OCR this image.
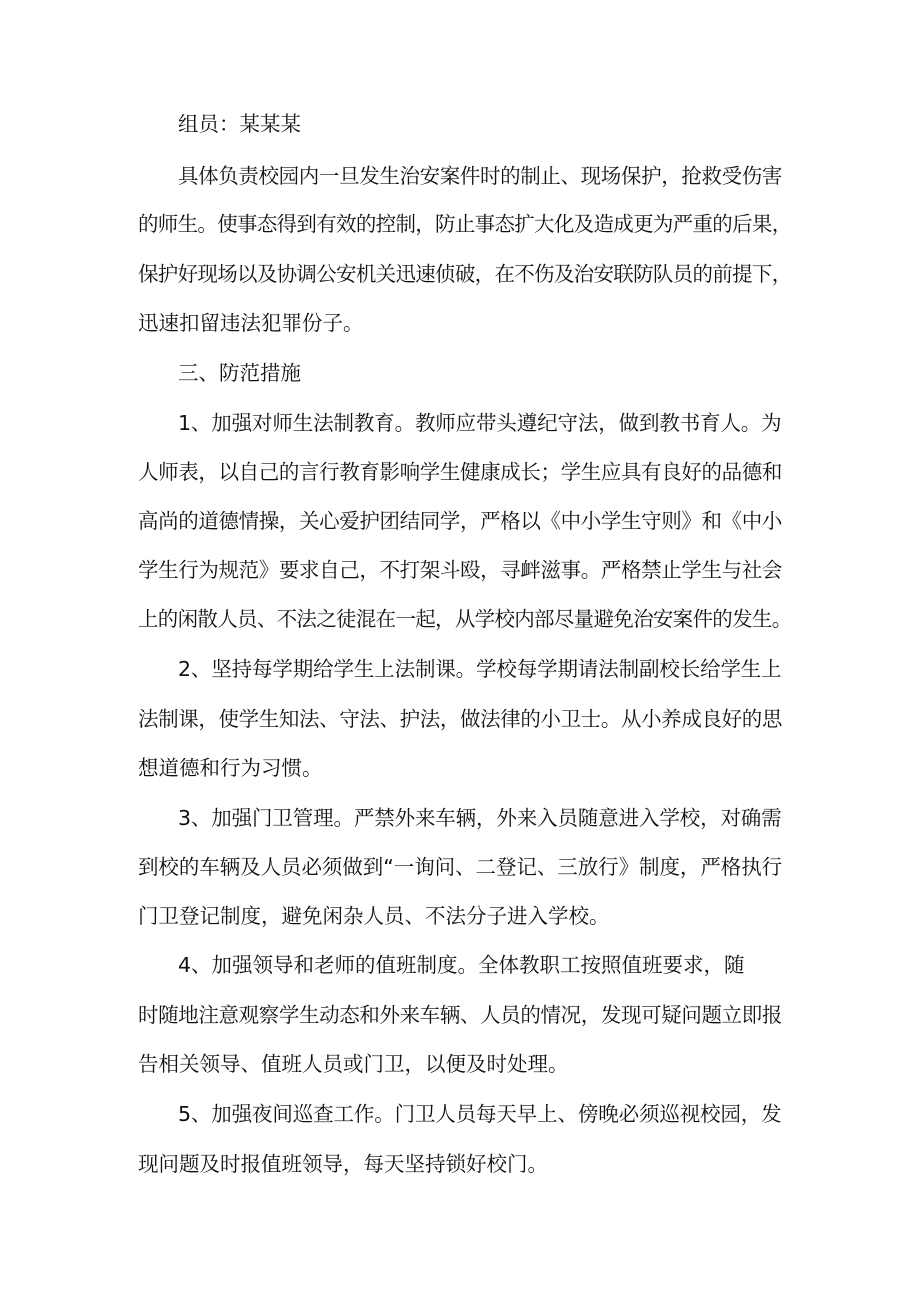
组员：某某某
具体负责校园内一旦发生治安案件时的制止、现场保护，抢救受伤害
的师生。使事态得到有效的控制，防止事态扩大化及造成更为严重的后果，
保护好现场以及协调公安机关迅速侦破，在不伤及治安联防队员的前提下，
迅速扣留违法犯罪份子。
三、防范措施
1、加强对师生法制教育。教师应带头遵纪守法，做到教书育人。为
人师表，以自己的言行教育影响学生健康成长；学生应具有良好的品德和
高尚的道德情操，关心爱护团结同学，严格以《中小学生守则》和《中小
学生行为规范》要求自己，不打架斗殴，寻衅滋事。严格禁止学生与社会
上的闲散人员、不法之徒混在一起，从学校内部尽量避免治安案件的发生。
2、坚持每学期给学生上法制课。学校每学期请法制副校长给学生上
法制课，使学生知法、守法、护法，做法律的小卫士。从小养成良好的思
想道德和行为习惯。
3、加强门卫管理。严禁外来车辆，外来入员随意进入学校，对确需
到校的车辆及人员必须做到“一询问、二登记、三放行》制度，严格执行
门卫登记制度，避免闲杂人员、不法分子进入学校。
4、加强领导和老师的值班制度。全体教职工按照值班要求，随
时随地注意观察学生动态和外来车辆、人员的情况，发现可疑问题立即报
告相关领导、值班人员或门卫，以便及时处理。
5、加强夜间巡查工作。门卫人员每天早上、傍晚必须巡视校园，发
现问题及时报值班领导，每天坚持锁好校门。
